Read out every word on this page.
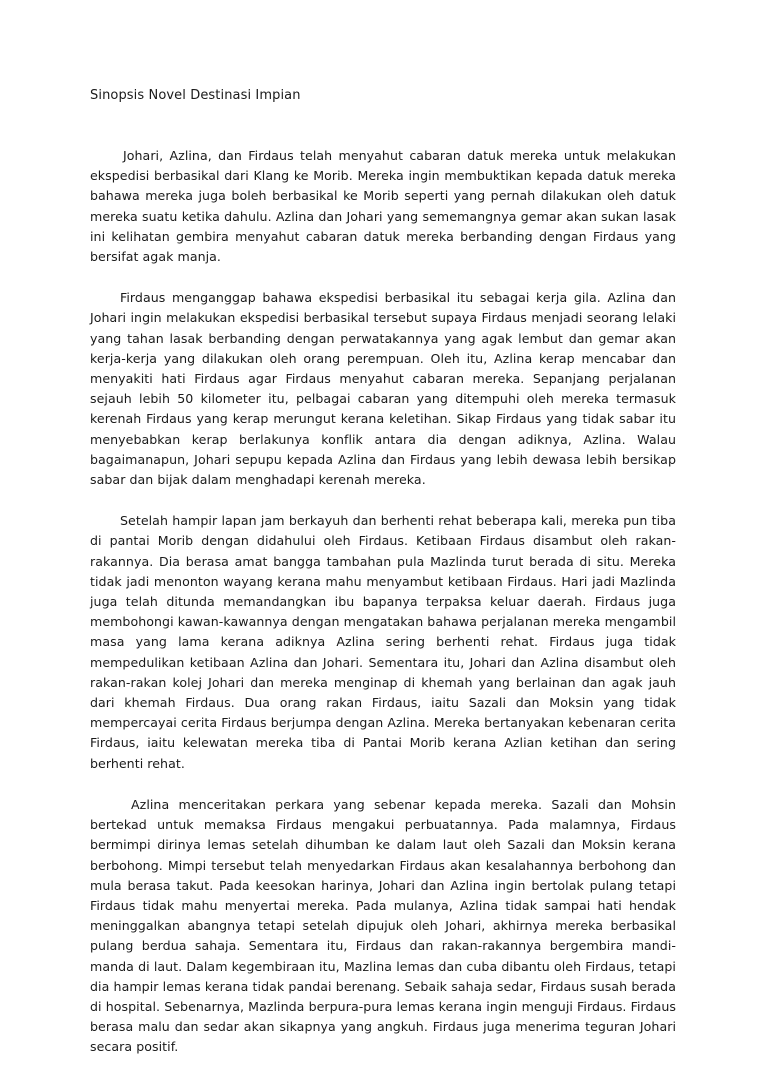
Sinopsis Novel Destinasi Impian

Johari, Azlina, dan Firdaus telah menyahut cabaran datuk mereka untuk melakukan ekspedisi berbasikal dari Klang ke Morib. Mereka ingin membuktikan kepada datuk mereka bahawa mereka juga boleh berbasikal ke Morib seperti yang pernah dilakukan oleh datuk mereka suatu ketika dahulu. Azlina dan Johari yang sememangnya gemar akan sukan lasak ini kelihatan gembira menyahut cabaran datuk mereka berbanding dengan Firdaus yang bersifat agak manja.

Firdaus menganggap bahawa ekspedisi berbasikal itu sebagai kerja gila. Azlina dan Johari ingin melakukan ekspedisi berbasikal tersebut supaya Firdaus menjadi seorang lelaki yang tahan lasak berbanding dengan perwatakannya yang agak lembut dan gemar akan kerja-kerja yang dilakukan oleh orang perempuan. Oleh itu, Azlina kerap mencabar dan menyakiti hati Firdaus agar Firdaus menyahut cabaran mereka. Sepanjang perjalanan sejauh lebih 50 kilometer itu, pelbagai cabaran yang ditempuhi oleh mereka termasuk kerenah Firdaus yang kerap merungut kerana keletihan. Sikap Firdaus yang tidak sabar itu menyebabkan kerap berlakunya konflik antara dia dengan adiknya, Azlina. Walau bagaimanapun, Johari sepupu kepada Azlina dan Firdaus yang lebih dewasa lebih bersikap sabar dan bijak dalam menghadapi kerenah mereka.

Setelah hampir lapan jam berkayuh dan berhenti rehat beberapa kali, mereka pun tiba di pantai Morib dengan didahului oleh Firdaus. Ketibaan Firdaus disambut oleh rakan-rakannya. Dia berasa amat bangga tambahan pula Mazlinda turut berada di situ. Mereka tidak jadi menonton wayang kerana mahu menyambut ketibaan Firdaus. Hari jadi Mazlinda juga telah ditunda memandangkan ibu bapanya terpaksa keluar daerah. Firdaus juga membohongi kawan-kawannya dengan mengatakan bahawa perjalanan mereka mengambil masa yang lama kerana adiknya Azlina sering berhenti rehat. Firdaus juga tidak mempedulikan ketibaan Azlina dan Johari. Sementara itu, Johari dan Azlina disambut oleh rakan-rakan kolej Johari dan mereka menginap di khemah yang berlainan dan agak jauh dari khemah Firdaus. Dua orang rakan Firdaus, iaitu Sazali dan Moksin yang tidak mempercayai cerita Firdaus berjumpa dengan Azlina. Mereka bertanyakan kebenaran cerita Firdaus, iaitu kelewatan mereka tiba di Pantai Morib kerana Azlian ketihan dan sering berhenti rehat.

Azlina menceritakan perkara yang sebenar kepada mereka. Sazali dan Mohsin bertekad untuk memaksa Firdaus mengakui perbuatannya. Pada malamnya, Firdaus bermimpi dirinya lemas setelah dihumban ke dalam laut oleh Sazali dan Moksin kerana berbohong. Mimpi tersebut telah menyedarkan Firdaus akan kesalahannya berbohong dan mula berasa takut. Pada keesokan harinya, Johari dan Azlina ingin bertolak pulang tetapi Firdaus tidak mahu menyertai mereka. Pada mulanya, Azlina tidak sampai hati hendak meninggalkan abangnya tetapi setelah dipujuk oleh Johari, akhirnya mereka berbasikal pulang berdua sahaja. Sementara itu, Firdaus dan rakan-rakannya bergembira mandi-manda di laut. Dalam kegembiraan itu, Mazlina lemas dan cuba dibantu oleh Firdaus, tetapi dia hampir lemas kerana tidak pandai berenang. Sebaik sahaja sedar, Firdaus susah berada di hospital. Sebenarnya, Mazlinda berpura-pura lemas kerana ingin menguji Firdaus. Firdaus berasa malu dan sedar akan sikapnya yang angkuh. Firdaus juga menerima teguran Johari secara positif.
